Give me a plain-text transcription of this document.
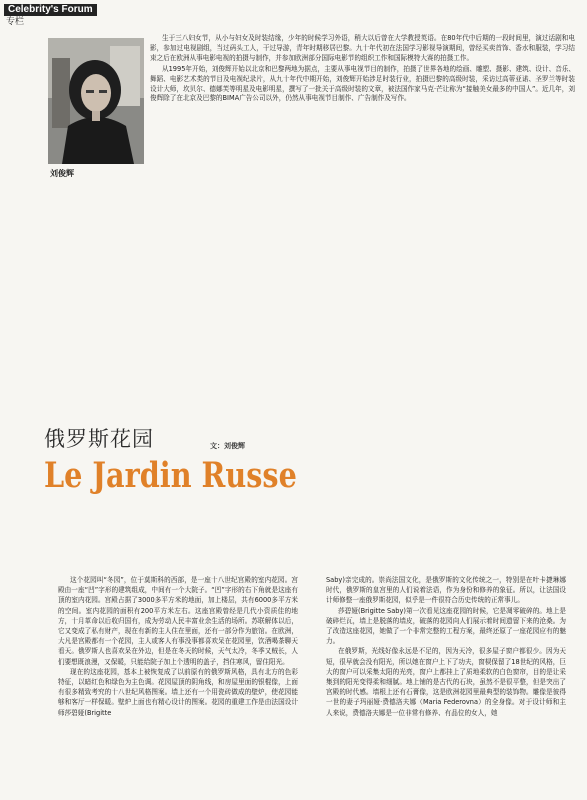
Celebrity's Forum
专栏
刘俊辉

生于三八妇女节，从小与妇女及时装结缘，少年的时候学习外语，稍大以后曾在大学教授英语。在80年代中后期的一段时间里，演过话剧和电影，参加过电视剧组，当过码头工人，干过导游，青年时期移居巴黎。九十年代初在法国学习影视导演期间，曾经买卖首饰、香水和服装，学习结束之后在欧洲从事电影电视的拍摄与制作，并参加欧洲部分国际电影节的组织工作和国际模特大赛的拍摄工作。

从1995年开始，刘俊辉开始以北京和巴黎两地为据点，主要从事电视节目的制作，拍摄了世界各地的绘画、雕塑、摄影、建筑、设计、音乐、舞蹈、电影艺术类的节目及电视纪录片，从九十年代中期开始，刘俊辉开始涉足时装行业，拍摄巴黎的高级时装，采访过高蒂亚诺、圣罗兰等时装设计大师，坎贝尔、德娜芙等明星及电影明星，撰写了一批关于高级时装的文章，被法国作家马克·芒让称为“接触美女最多的中国人”。近几年，刘俊辉除了在北京及巴黎的BIMA广告公司以外，仍然从事电视节目制作、广告制作及写作。

俄罗斯花园	文：刘俊辉
Le Jardin Russe

这个花园叫“冬园”，位于莫斯科的西部，是一座十八世纪宫殿的室内花园。宫殿由一座“凹”字形的建筑组成，中间有一个大院子。“凹”字形的右下角就是这座有顶的室内花园。宫殿占据了3000多平方米的地面，加上楼层，共有6000多平方米的空间。室内花园的面积有200平方米左右。这座宫殿曾经是几代小资质佳的地方，十月革命以后收归国有，成为劳动人民丰富业余生活的场所。苏联解体以后，它又变成了私有财产，现在有新的主人住在里面，还有一部分作为旅馆。在欧洲，大凡是宫殿都有一个花园，主人或客人有事没事都喜欢呆在花园里，饮酒喝茶聊天看天。俄罗斯人也喜欢呆在外边，但是在冬天的时候，天气太冷，冬季又贼长，人们要想既浪漫，又保暖，只能给院子加上个透明的盖子，挡住寒风，留住阳光。

现在的这座花园，基本上被恢复成了以前原有的俄罗斯风格，具有北方的色彩特征，以暗红色和绿色为主色调。花园屋顶的阴角线，和房屋里面的银棍像，上面有很多精致考究的十八世纪风格图案。墙上还有一个用瓷砖做成的壁炉，使花园能够和客厅一样保暖。壁炉上面也有精心设计的图案。花园的重建工作是由法国设计师莎碧娅(Brigitte

Saby)亲完成的。崇尚法国文化，是俄罗斯的文化传统之一，特别是在叶卡捷琳娜时代，俄罗斯的皇宫里的人们说着法语，作为身份和修养的象征。所以，让法国设计师修整一座俄罗斯花园，似乎是一件很符合历史传统的正常事儿。

莎碧娅(Brigitte Saby)第一次看见这座花园的时候，它是凋零破碎的。地上是破碎烂瓦，墙上是脱落的墙皮，破落的花园向人们展示着时间遗留下来的沧桑。为了改造这座花园，她做了一个非常完整的工程方案，最终还原了一座花园应有的魅力。

在俄罗斯，光线好像永远是不足的，因为天冷，很多屋子窗户都很少。因为天短，很早就会没有阳光，所以她在窗户上下了功夫，窗棂保留了18世纪的风格，巨大的窗户可以采集太阳的光亮，窗户上都挂上了质地柔软的白色窗帘，目的是让采集到的阳光变得柔和细腻。地上铺的是古代的石块，虽然不是很平整，但是突出了宫殿的时代感。墙根上还有石膏像，这是欧洲花园里最典型的装饰物。雕像是彼得一世的妻子玛丽娅·费德洛夫娜（Maria Federovna）的全身像。对于设计师和主人来说，费德洛夫娜是一位非常有修养、有品位的女人，她
